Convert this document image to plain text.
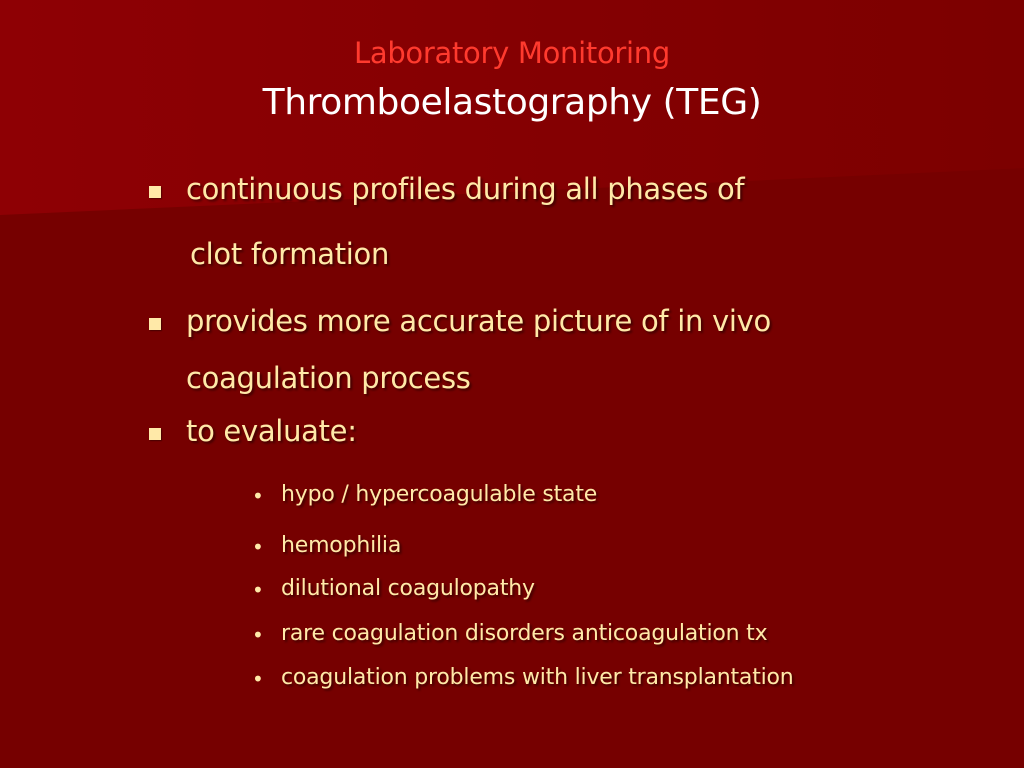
Laboratory Monitoring
Thromboelastography (TEG)
continuous profiles during all phases of
clot formation
provides more accurate picture of in vivo
coagulation process
to evaluate:
• hypo / hypercoagulable state
• hemophilia
• dilutional coagulopathy
• rare coagulation disorders anticoagulation tx
• coagulation problems with liver transplantation
